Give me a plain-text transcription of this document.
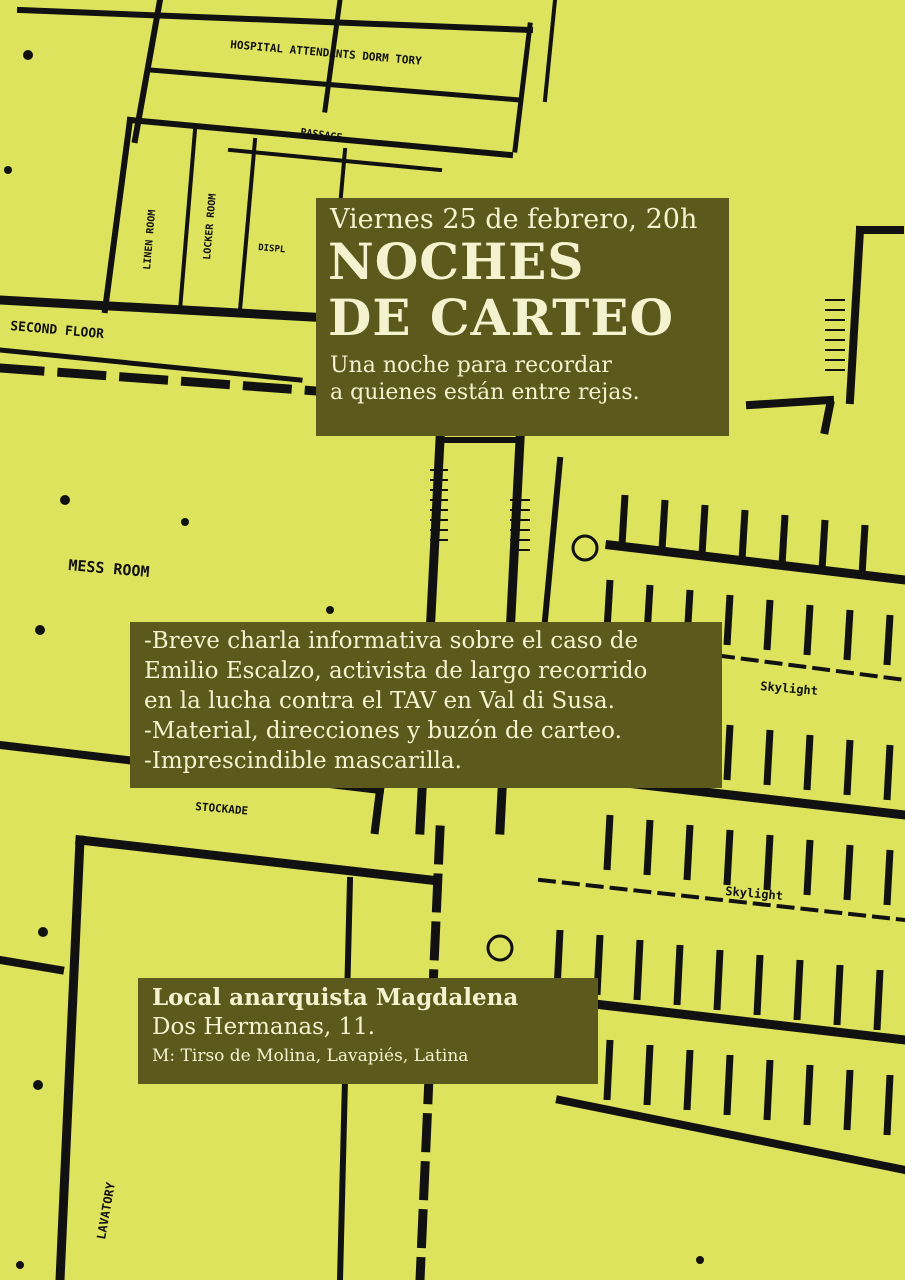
HOSPITAL ATTENDANTS DORM TORY
PASSAGE
LINEN ROOM	LOCKER ROOM	DISPL
SECOND FLOOR
MESS ROOM
STOCKADE
Skylight
Skylight
LAVATORY
Viernes 25 de febrero, 20h
NOCHES
DE CARTEO
Una noche para recordar
a quienes están entre rejas.
-Breve charla informativa sobre el caso de
Emilio Escalzo, activista de largo recorrido
en la lucha contra el TAV en Val di Susa.
-Material, direcciones y buzón de carteo.
-Imprescindible mascarilla.
Local anarquista Magdalena
Dos Hermanas, 11.
M: Tirso de Molina, Lavapiés, Latina
